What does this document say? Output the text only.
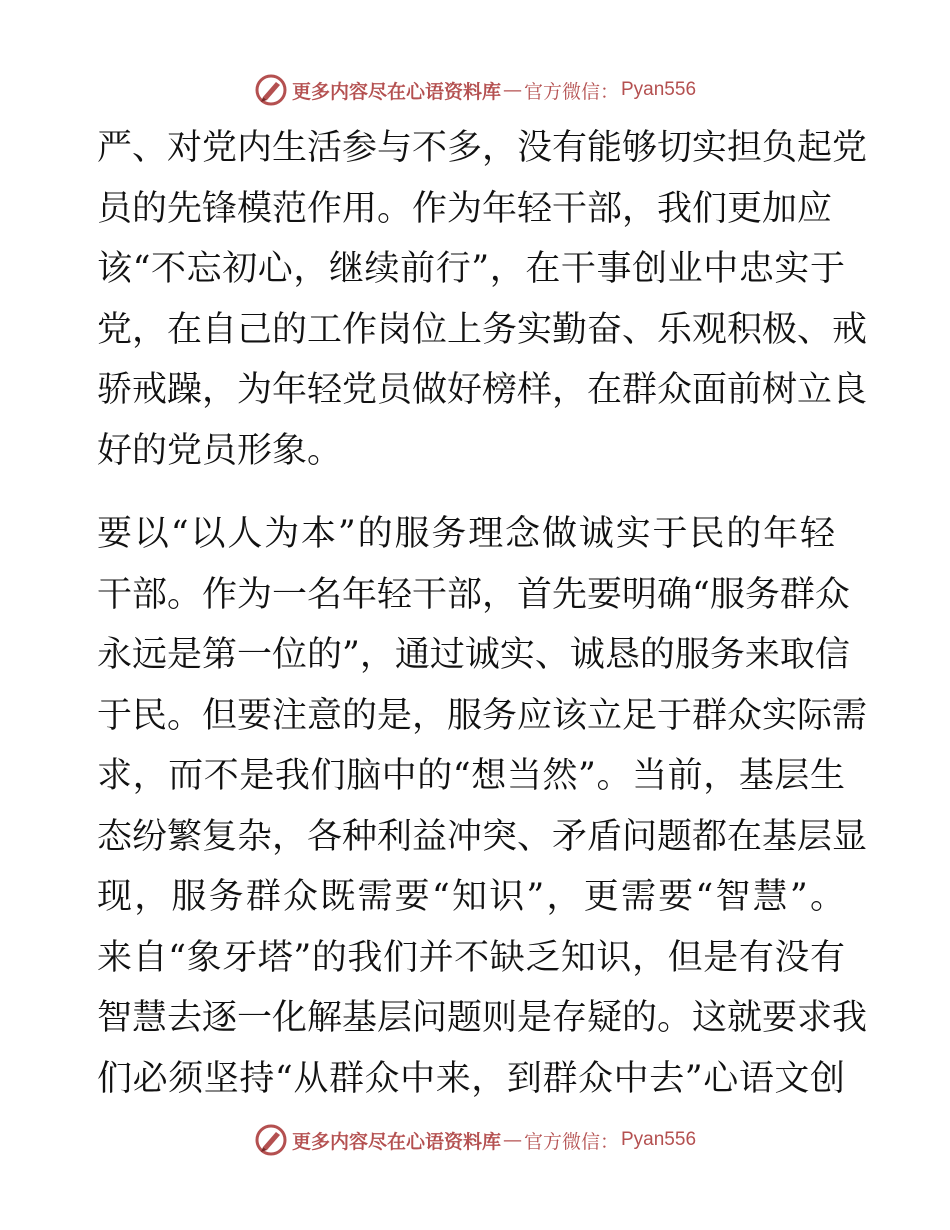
更多内容尽在心语资料库 — 官方微信： Pyan556

严、对党内生活参与不多，没有能够切实担负起党

员的先锋模范作用。作为年轻干部，我们更加应

该“不忘初心，继续前行”，在干事创业中忠实于

党，在自己的工作岗位上务实勤奋、乐观积极、戒

骄戒躁，为年轻党员做好榜样，在群众面前树立良

好的党员形象。

要以“以人为本”的服务理念做诚实于民的年轻

干部。作为一名年轻干部，首先要明确“服务群众

永远是第一位的”，通过诚实、诚恳的服务来取信

于民。但要注意的是，服务应该立足于群众实际需

求，而不是我们脑中的“想当然”。当前，基层生

态纷繁复杂，各种利益冲突、矛盾问题都在基层显

现，服务群众既需要“知识”，更需要“智慧”。

来自“象牙塔”的我们并不缺乏知识，但是有没有

智慧去逐一化解基层问题则是存疑的。这就要求我

们必须坚持“从群众中来，到群众中去”心语文创

更多内容尽在心语资料库 — 官方微信： Pyan556
